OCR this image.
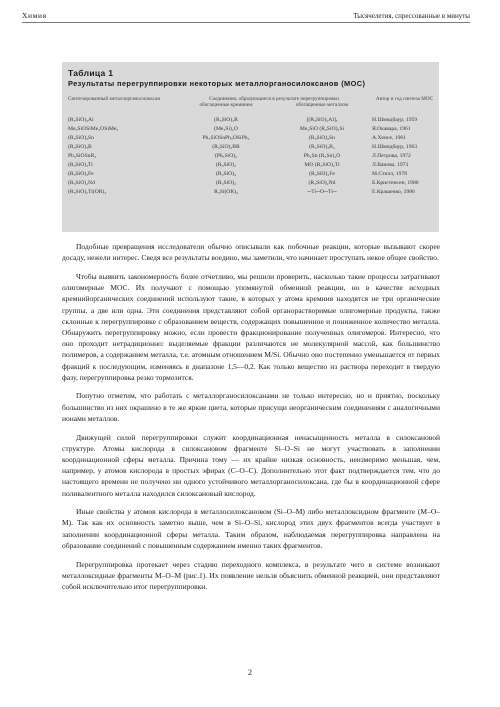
Химия	Тысячелетия, спрессованные в минуты
Таблица 1
Результаты перегруппировки некоторых металлорганосилоксанов (МОС)
Синтезированный металлорганосилоксан	Соединения, образующиеся в результате перегруппировки	Автор и год синтеза МОС
обогащенные кремнием	обогащенные металлом
(R₃SiO)₃Al	(R₃SiO)₂R	[(R₃SiO)₂Al]ₓ	Н.Шмидбаур, 1959
Me₃SiOSiMe₂OSiMe₃	(Me₃Si)₂O	Me₂SiO (R₃SiO)₂Si	Я.Окавара, 1961
(R₃SiO)₂Sn	Ph₃SiOSnPh₂OSiPh₃	(R₃SiO)₂Sn	А.Хенсе, 1961
(R₃SiO)₃B	(R₃SiO)₂BR	(R₃SiO)₂B₂	Н.Шмидбаур, 1963
Ph₃SiOSnR₃	(Ph₃SiO)₂	Ph₂Sn (R₃Sn)₂O	Л.Петрова, 1972
(R₃SiO)₂Ti	(R₃SiO)₂	MO (R₃SiO)₂Ti	Л.Ванова, 1973
(R₃SiO)₂Fe	(R₃SiO)₂	(R₃SiO)₂Fe	М.Стилл, 1978
(R₃SiO)₂Nd	(R₃SiO)₂	(R₃SiO)₂Nd	Б.Кристенсен, 1980
(R₃SiO)₂Ti(OR)₂	R₃Si(OR)₃	─Ti─O─Ti─	Е.Крашенко, 1986

Подобные превращения исследователи обычно описывали как побочные реакции, которые вызывают скорее досаду, нежели интерес. Сведя все результаты воедино, мы заметили, что начинает проступать некое общее свойство.

Чтобы выявить закономерность более отчетливо, мы решили проверить, насколько такие процессы затрагивают олигомерные МОС. Их получают с помощью упомянутой обменной реакции, но в качестве исходных кремнийорганических соединений используют такие, в которых у атома кремния находятся не три органические группы, а две или одна. Эти соединения представляют собой органорастворимые олигомерные продукты, также склонные к перегруппировке с образованием веществ, содержащих повышенное и пониженное количество металла. Обнаружить перегруппировку можно, если провести фракционирование полученных олигомеров. Интересно, что оно проходит нетрадиционно: выделяемые фракции различаются не молекулярной массой, как большинство полимеров, а содержанием металла, т.е. атомным отношением M/Si. Обычно оно постепенно уменьшается от первых фракций к последующим, изменяясь в диапазоне 1,5—0,2. Как только вещество из раствора переходит в твердую фазу, перегруппировка резко тормозится.

Попутно отметим, что работать с металлорганосилоксанами не только интересно, но и приятно, поскольку большинство из них окрашено в те же яркие цвета, которые присущи неорганическим соединениям с аналогичными ионами металлов.

Движущей силой перегруппировки служит координационная ненасыщенность металла в силоксановой структуре. Атомы кислорода в силоксановом фрагменте Si–O–Si не могут участвовать в заполнении координационной сферы металла. Причина тому — их крайне низкая основность, неизмеримо меньшая, чем, например, у атомов кислорода в простых эфирах (C–O–C). Дополнительно этот факт подтверждается тем, что до настоящего времени не получено ни одного устойчивого металлорганосилоксана, где бы в координационной сфере поливалентного металла находился силоксановый кислород.

Иные свойства у атомов кислорода в металлосилоксановом (Si–O–M) либо металлоксидном фрагменте (M–O–M). Так как их основность заметно выше, чем в Si–O–Si, кислород этих двух фрагментов всегда участвует в заполнении координационной сферы металла. Таким образом, наблюдаемая перегруппировка направлена на образование соединений с повышенным содержанием именно таких фрагментов.

Перегруппировка протекает через стадию переходного комплекса, в результате чего в системе возникают металлоксидные фрагменты M–O–M (рис.1). Их появление нельзя объяснить обменной реакцией, они представляют собой исключительно итог перегруппировки.

2
